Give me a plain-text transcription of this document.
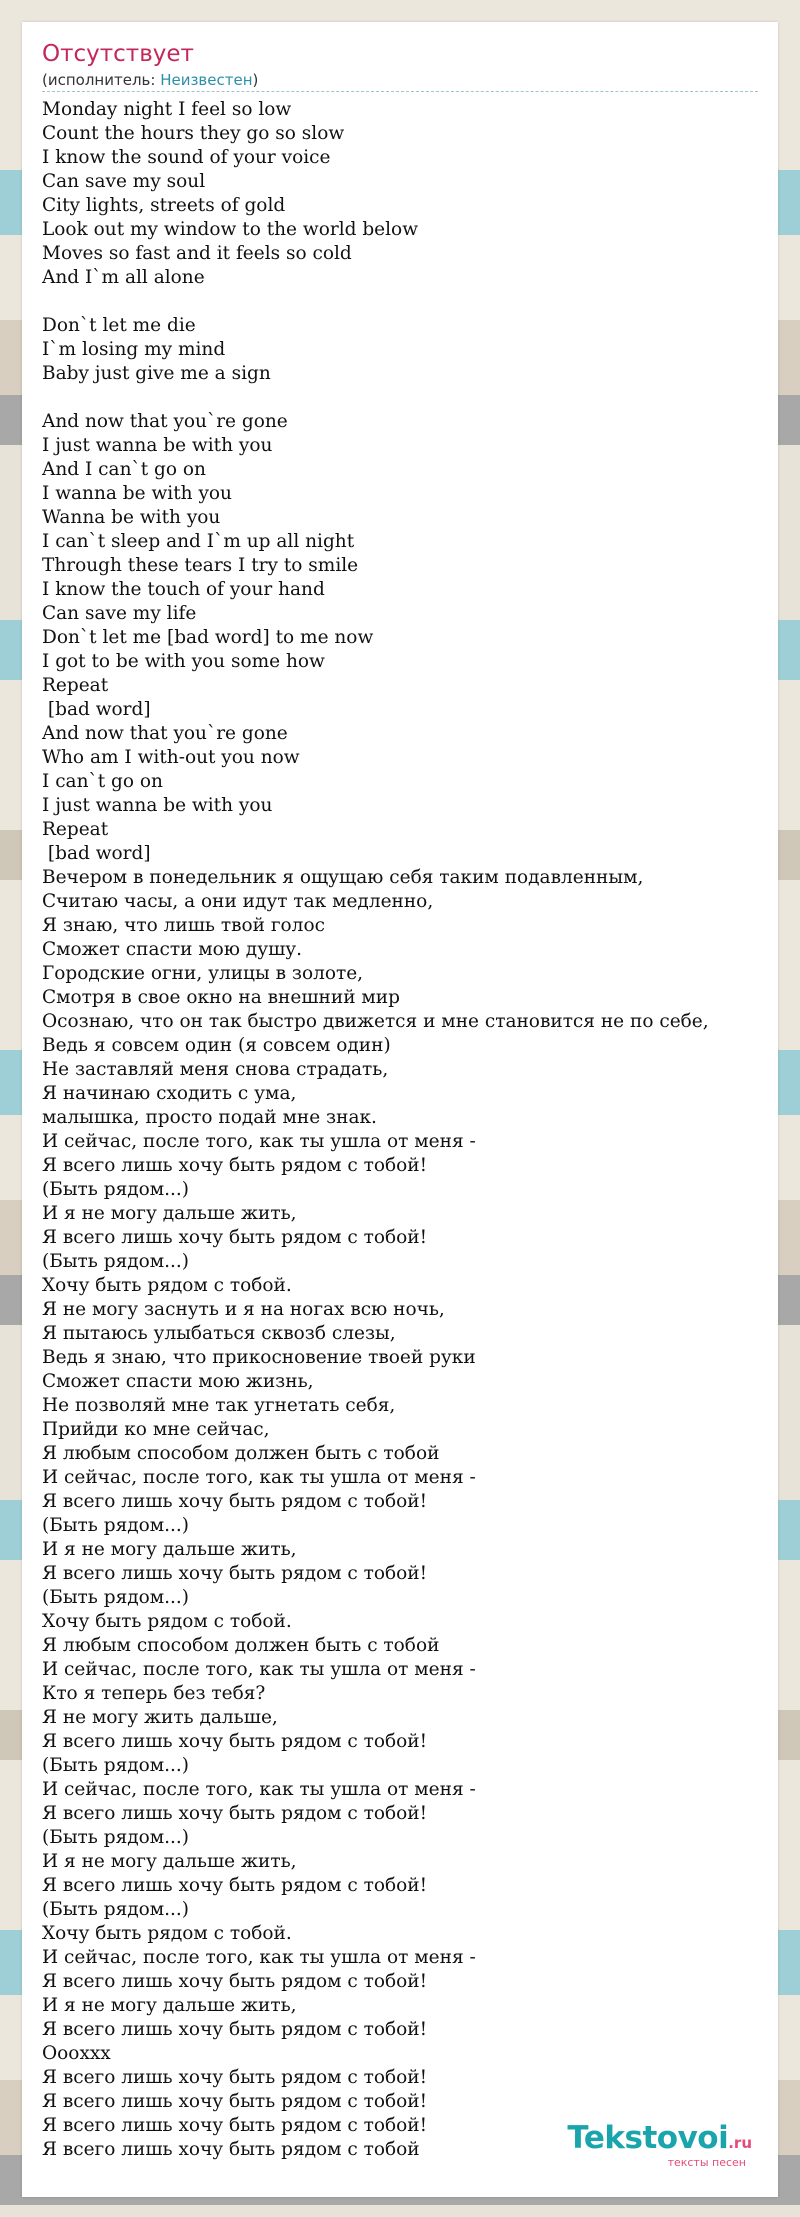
Отсутствует
(исполнитель: Неизвестен)
Monday night I feel so low
Count the hours they go so slow
I know the sound of your voice
Can save my soul
City lights, streets of gold
Look out my window to the world below
Moves so fast and it feels so cold
And I`m all alone

Don`t let me die
I`m losing my mind
Baby just give me a sign

And now that you`re gone
I just wanna be with you
And I can`t go on
I wanna be with you
Wanna be with you
I can`t sleep and I`m up all night
Through these tears I try to smile
I know the touch of your hand
Can save my life
Don`t let me [bad word] to me now
I got to be with you some how
Repeat
[bad word]
And now that you`re gone
Who am I with-out you now
I can`t go on
I just wanna be with you
Repeat
[bad word]
Вечером в понедельник я ощущаю себя таким подавленным,
Считаю часы, а они идут так медленно,
Я знаю, что лишь твой голос
Сможет спасти мою душу.
Городские огни, улицы в золоте,
Смотря в свое окно на внешний мир
Осознаю, что он так быстро движется и мне становится не по себе,
Ведь я совсем один (я совсем один)
Не заставляй меня снова страдать,
Я начинаю сходить с ума,
малышка, просто подай мне знак.
И сейчас, после того, как ты ушла от меня -
Я всего лишь хочу быть рядом с тобой!
(Быть рядом...)
И я не могу дальше жить,
Я всего лишь хочу быть рядом с тобой!
(Быть рядом...)
Хочу быть рядом с тобой.
Я не могу заснуть и я на ногах всю ночь,
Я пытаюсь улыбаться сквозб слезы,
Ведь я знаю, что прикосновение твоей руки
Сможет спасти мою жизнь,
Не позволяй мне так угнетать себя,
Прийди ко мне сейчас,
Я любым способом должен быть с тобой
И сейчас, после того, как ты ушла от меня -
Я всего лишь хочу быть рядом с тобой!
(Быть рядом...)
И я не могу дальше жить,
Я всего лишь хочу быть рядом с тобой!
(Быть рядом...)
Хочу быть рядом с тобой.
Я любым способом должен быть с тобой
И сейчас, после того, как ты ушла от меня -
Кто я теперь без тебя?
Я не могу жить дальше,
Я всего лишь хочу быть рядом с тобой!
(Быть рядом...)
И сейчас, после того, как ты ушла от меня -
Я всего лишь хочу быть рядом с тобой!
(Быть рядом...)
И я не могу дальше жить,
Я всего лишь хочу быть рядом с тобой!
(Быть рядом...)
Хочу быть рядом с тобой.
И сейчас, после того, как ты ушла от меня -
Я всего лишь хочу быть рядом с тобой!
И я не могу дальше жить,
Я всего лишь хочу быть рядом с тобой!
Оооххх
Я всего лишь хочу быть рядом с тобой!
Я всего лишь хочу быть рядом с тобой!
Я всего лишь хочу быть рядом с тобой!
Я всего лишь хочу быть рядом с тобой	Tekstovoi.ru
тексты песен
